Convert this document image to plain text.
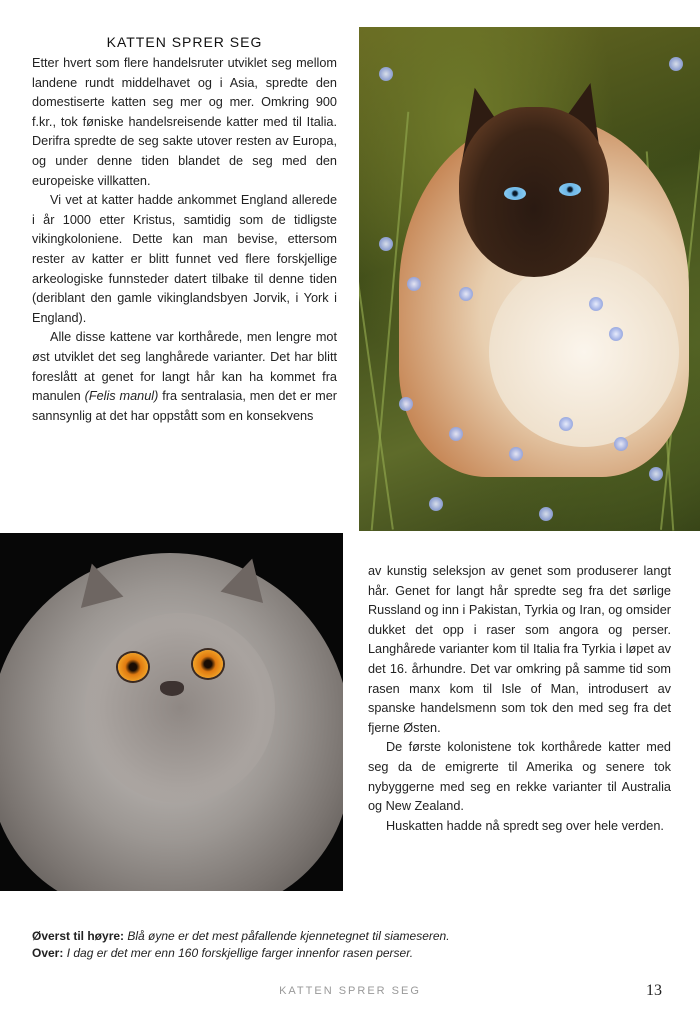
KATTEN SPRER SEG

Etter hvert som flere handelsruter utviklet seg mellom landene rundt middelhavet og i Asia, spredte den domestiserte katten seg mer og mer. Omkring 900 f.kr., tok føniske handelsreisende katter med til Italia. Derifra spredte de seg sakte utover resten av Europa, og under denne tiden blandet de seg med den europeiske villkatten.

Vi vet at katter hadde ankommet England allerede i år 1000 etter Kristus, samtidig som de tidligste vikingkoloniene. Dette kan man bevise, ettersom rester av katter er blitt funnet ved flere forskjellige arkeologiske funnsteder datert tilbake til denne tiden (deriblant den gamle vikinglandsbyen Jorvik, i York i England).

Alle disse kattene var korthårede, men lengre mot øst utviklet det seg langhårede varianter. Det har blitt foreslått at genet for langt hår kan ha kommet fra manulen (Felis manul) fra sentralasia, men det er mer sannsynlig at det har oppstått som en konsekvens

av kunstig seleksjon av genet som produserer langt hår. Genet for langt hår spredte seg fra det sørlige Russland og inn i Pakistan, Tyrkia og Iran, og omsider dukket det opp i raser som angora og perser. Langhårede varianter kom til Italia fra Tyrkia i løpet av det 16. århundre. Det var omkring på samme tid som rasen manx kom til Isle of Man, introdusert av spanske handelsmenn som tok den med seg fra det fjerne Østen.

De første kolonistene tok korthårede katter med seg da de emigrerte til Amerika og senere tok nybyggerne med seg en rekke varianter til Australia og New Zealand.

Huskatten hadde nå spredt seg over hele verden.

Øverst til høyre: Blå øyne er det mest påfallende kjennetegnet til siameseren.
Over: I dag er det mer enn 160 forskjellige farger innenfor rasen perser.
KATTEN SPRER SEG	13
